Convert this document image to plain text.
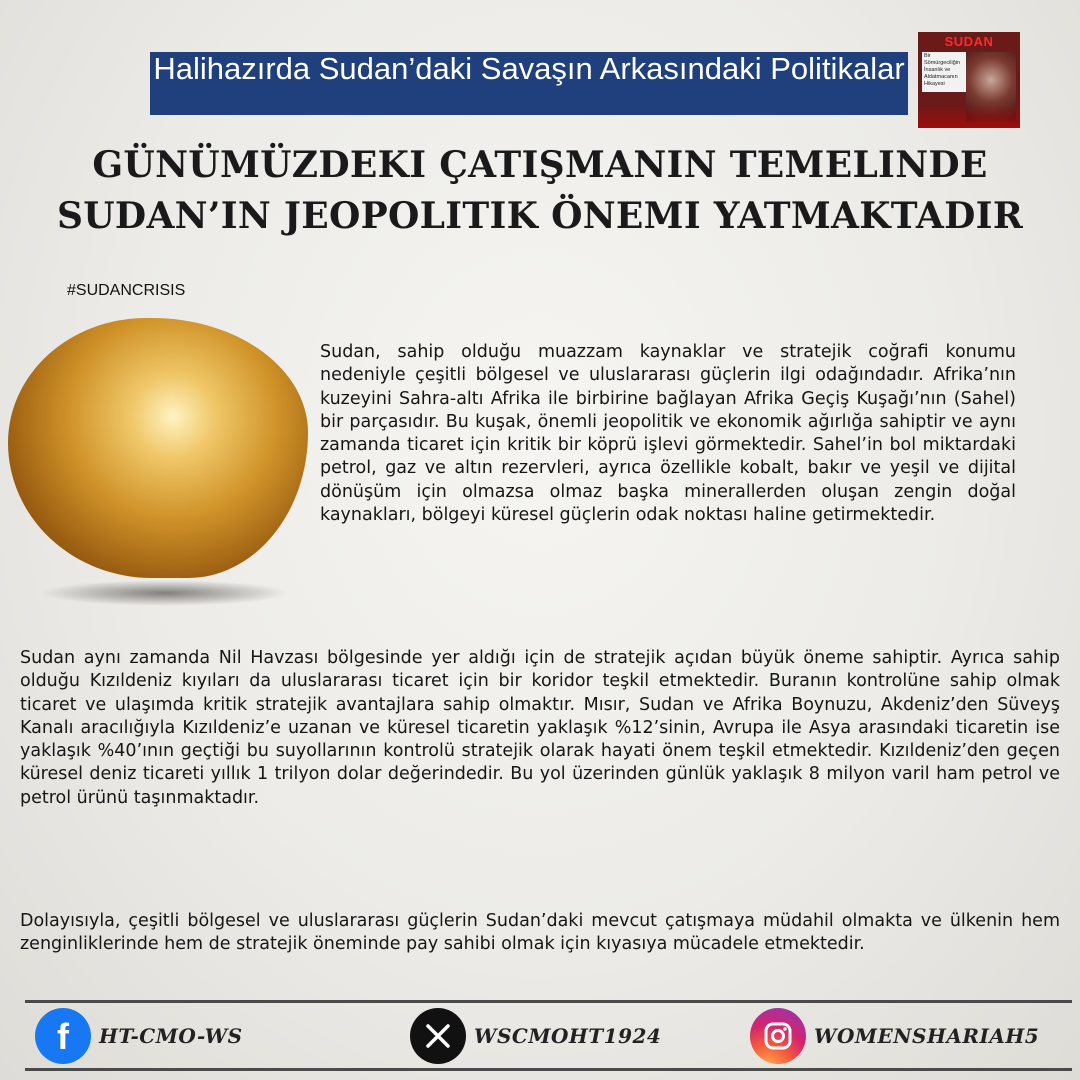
Halihazırda Sudan’daki Savaşın Arkasındaki Politikalar
SUDAN
Bir Sömürgeciliğin
İnsanlık ve
Aldatmacanın
Hikayesi
GÜNÜMÜZDEKI ÇATIŞMANIN TEMELINDE
SUDAN’IN JEOPOLITIK ÖNEMI YATMAKTADIR
#SUDANCRISIS

Sudan, sahip olduğu muazzam kaynaklar ve stratejik coğrafi konumu nedeniyle çeşitli bölgesel ve uluslararası güçlerin ilgi odağındadır. Afrika’nın kuzeyini Sahra-altı Afrika ile birbirine bağlayan Afrika Geçiş Kuşağı’nın (Sahel) bir parçasıdır. Bu kuşak, önemli jeopolitik ve ekonomik ağırlığa sahiptir ve aynı zamanda ticaret için kritik bir köprü işlevi görmektedir. Sahel’in bol miktardaki petrol, gaz ve altın rezervleri, ayrıca özellikle kobalt, bakır ve yeşil ve dijital dönüşüm için olmazsa olmaz başka minerallerden oluşan zengin doğal kaynakları, bölgeyi küresel güçlerin odak noktası haline getirmektedir.

Sudan aynı zamanda Nil Havzası bölgesinde yer aldığı için de stratejik açıdan büyük öneme sahiptir. Ayrıca sahip olduğu Kızıldeniz kıyıları da uluslararası ticaret için bir koridor teşkil etmektedir. Buranın kontrolüne sahip olmak ticaret ve ulaşımda kritik stratejik avantajlara sahip olmaktır. Mısır, Sudan ve Afrika Boynuzu, Akdeniz’den Süveyş Kanalı aracılığıyla Kızıldeniz’e uzanan ve küresel ticaretin yaklaşık %12’sinin, Avrupa ile Asya arasındaki ticaretin ise yaklaşık %40’ının geçtiği bu suyollarının kontrolü stratejik olarak hayati önem teşkil etmektedir. Kızıldeniz’den geçen küresel deniz ticareti yıllık 1 trilyon dolar değerindedir. Bu yol üzerinden günlük yaklaşık 8 milyon varil ham petrol ve petrol ürünü taşınmaktadır.

Dolayısıyla, çeşitli bölgesel ve uluslararası güçlerin Sudan’daki mevcut çatışmaya müdahil olmakta ve ülkenin hem zenginliklerinde hem de stratejik öneminde pay sahibi olmak için kıyasıya mücadele etmektedir.

f HT-CMO-WS	WSCMOHT1924	WOMENSHARIAH5
